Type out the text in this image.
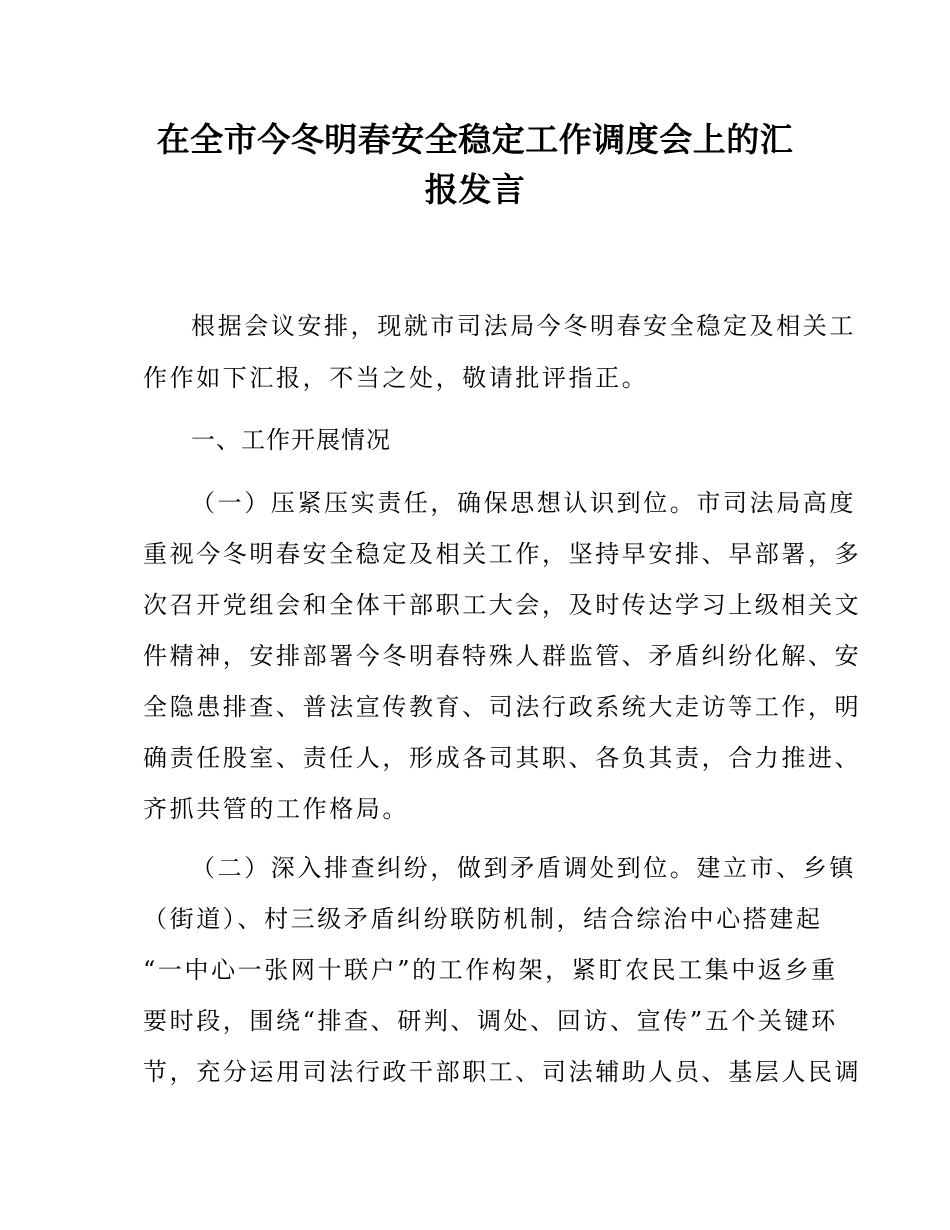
在全市今冬明春安全稳定工作调度会上的汇
报发言
根据会议安排，现就市司法局今冬明春安全稳定及相关工
作作如下汇报，不当之处，敬请批评指正。
一、工作开展情况
（一）压紧压实责任，确保思想认识到位。市司法局高度
重视今冬明春安全稳定及相关工作，坚持早安排、早部署，多
次召开党组会和全体干部职工大会，及时传达学习上级相关文
件精神，安排部署今冬明春特殊人群监管、矛盾纠纷化解、安
全隐患排查、普法宣传教育、司法行政系统大走访等工作，明
确责任股室、责任人，形成各司其职、各负其责，合力推进、
齐抓共管的工作格局。
（二）深入排查纠纷，做到矛盾调处到位。建立市、乡镇
（街道）、村三级矛盾纠纷联防机制，结合综治中心搭建起
“一中心一张网十联户”的工作构架，紧盯农民工集中返乡重
要时段，围绕“排查、研判、调处、回访、宣传”五个关键环
节，充分运用司法行政干部职工、司法辅助人员、基层人民调
